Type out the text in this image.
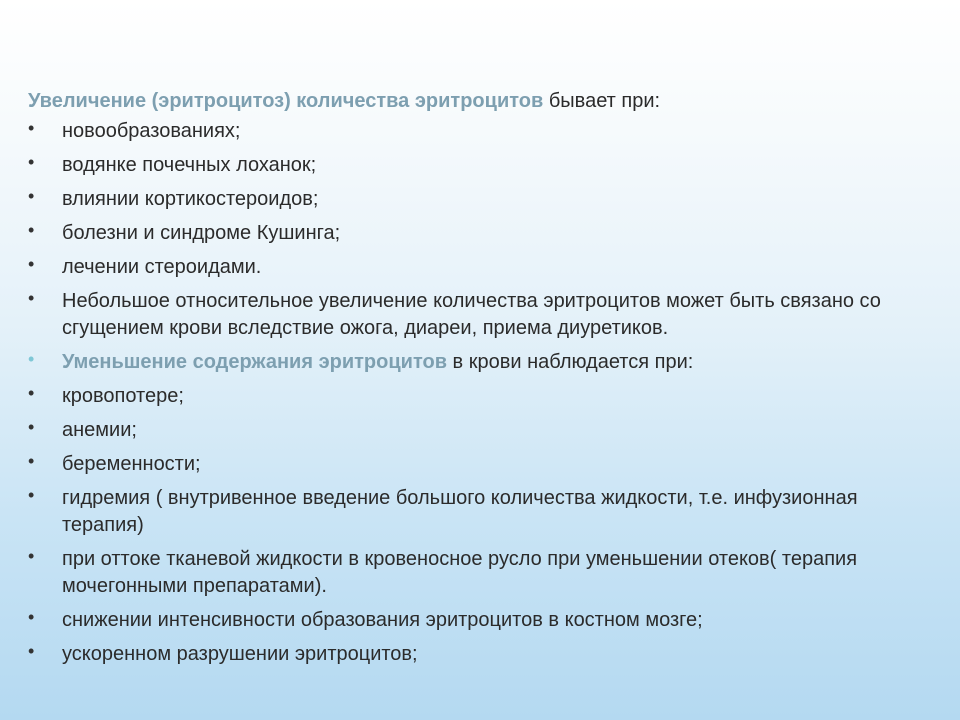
Увеличение (эритроцитоз) количества эритроцитов бывает при:

•	новообразованиях;
•	водянке почечных лоханок;
•	влиянии кортикостероидов;
•	болезни и синдроме Кушинга;
•	лечении стероидами.
•	Небольшое относительное увеличение количества эритроцитов может быть связано со сгущением крови вследствие ожога, диареи, приема диуретиков.
•	Уменьшение содержания эритроцитов в крови наблюдается при:
•	кровопотере;
•	анемии;
•	беременности;
•	гидремия ( внутривенное введение большого количества жидкости, т.е. инфузионная терапия)
•	при оттоке тканевой жидкости в кровеносное русло при уменьшении отеков( терапия мочегонными препаратами).
•	снижении интенсивности образования эритроцитов в костном мозге;
•	ускоренном разрушении эритроцитов;
